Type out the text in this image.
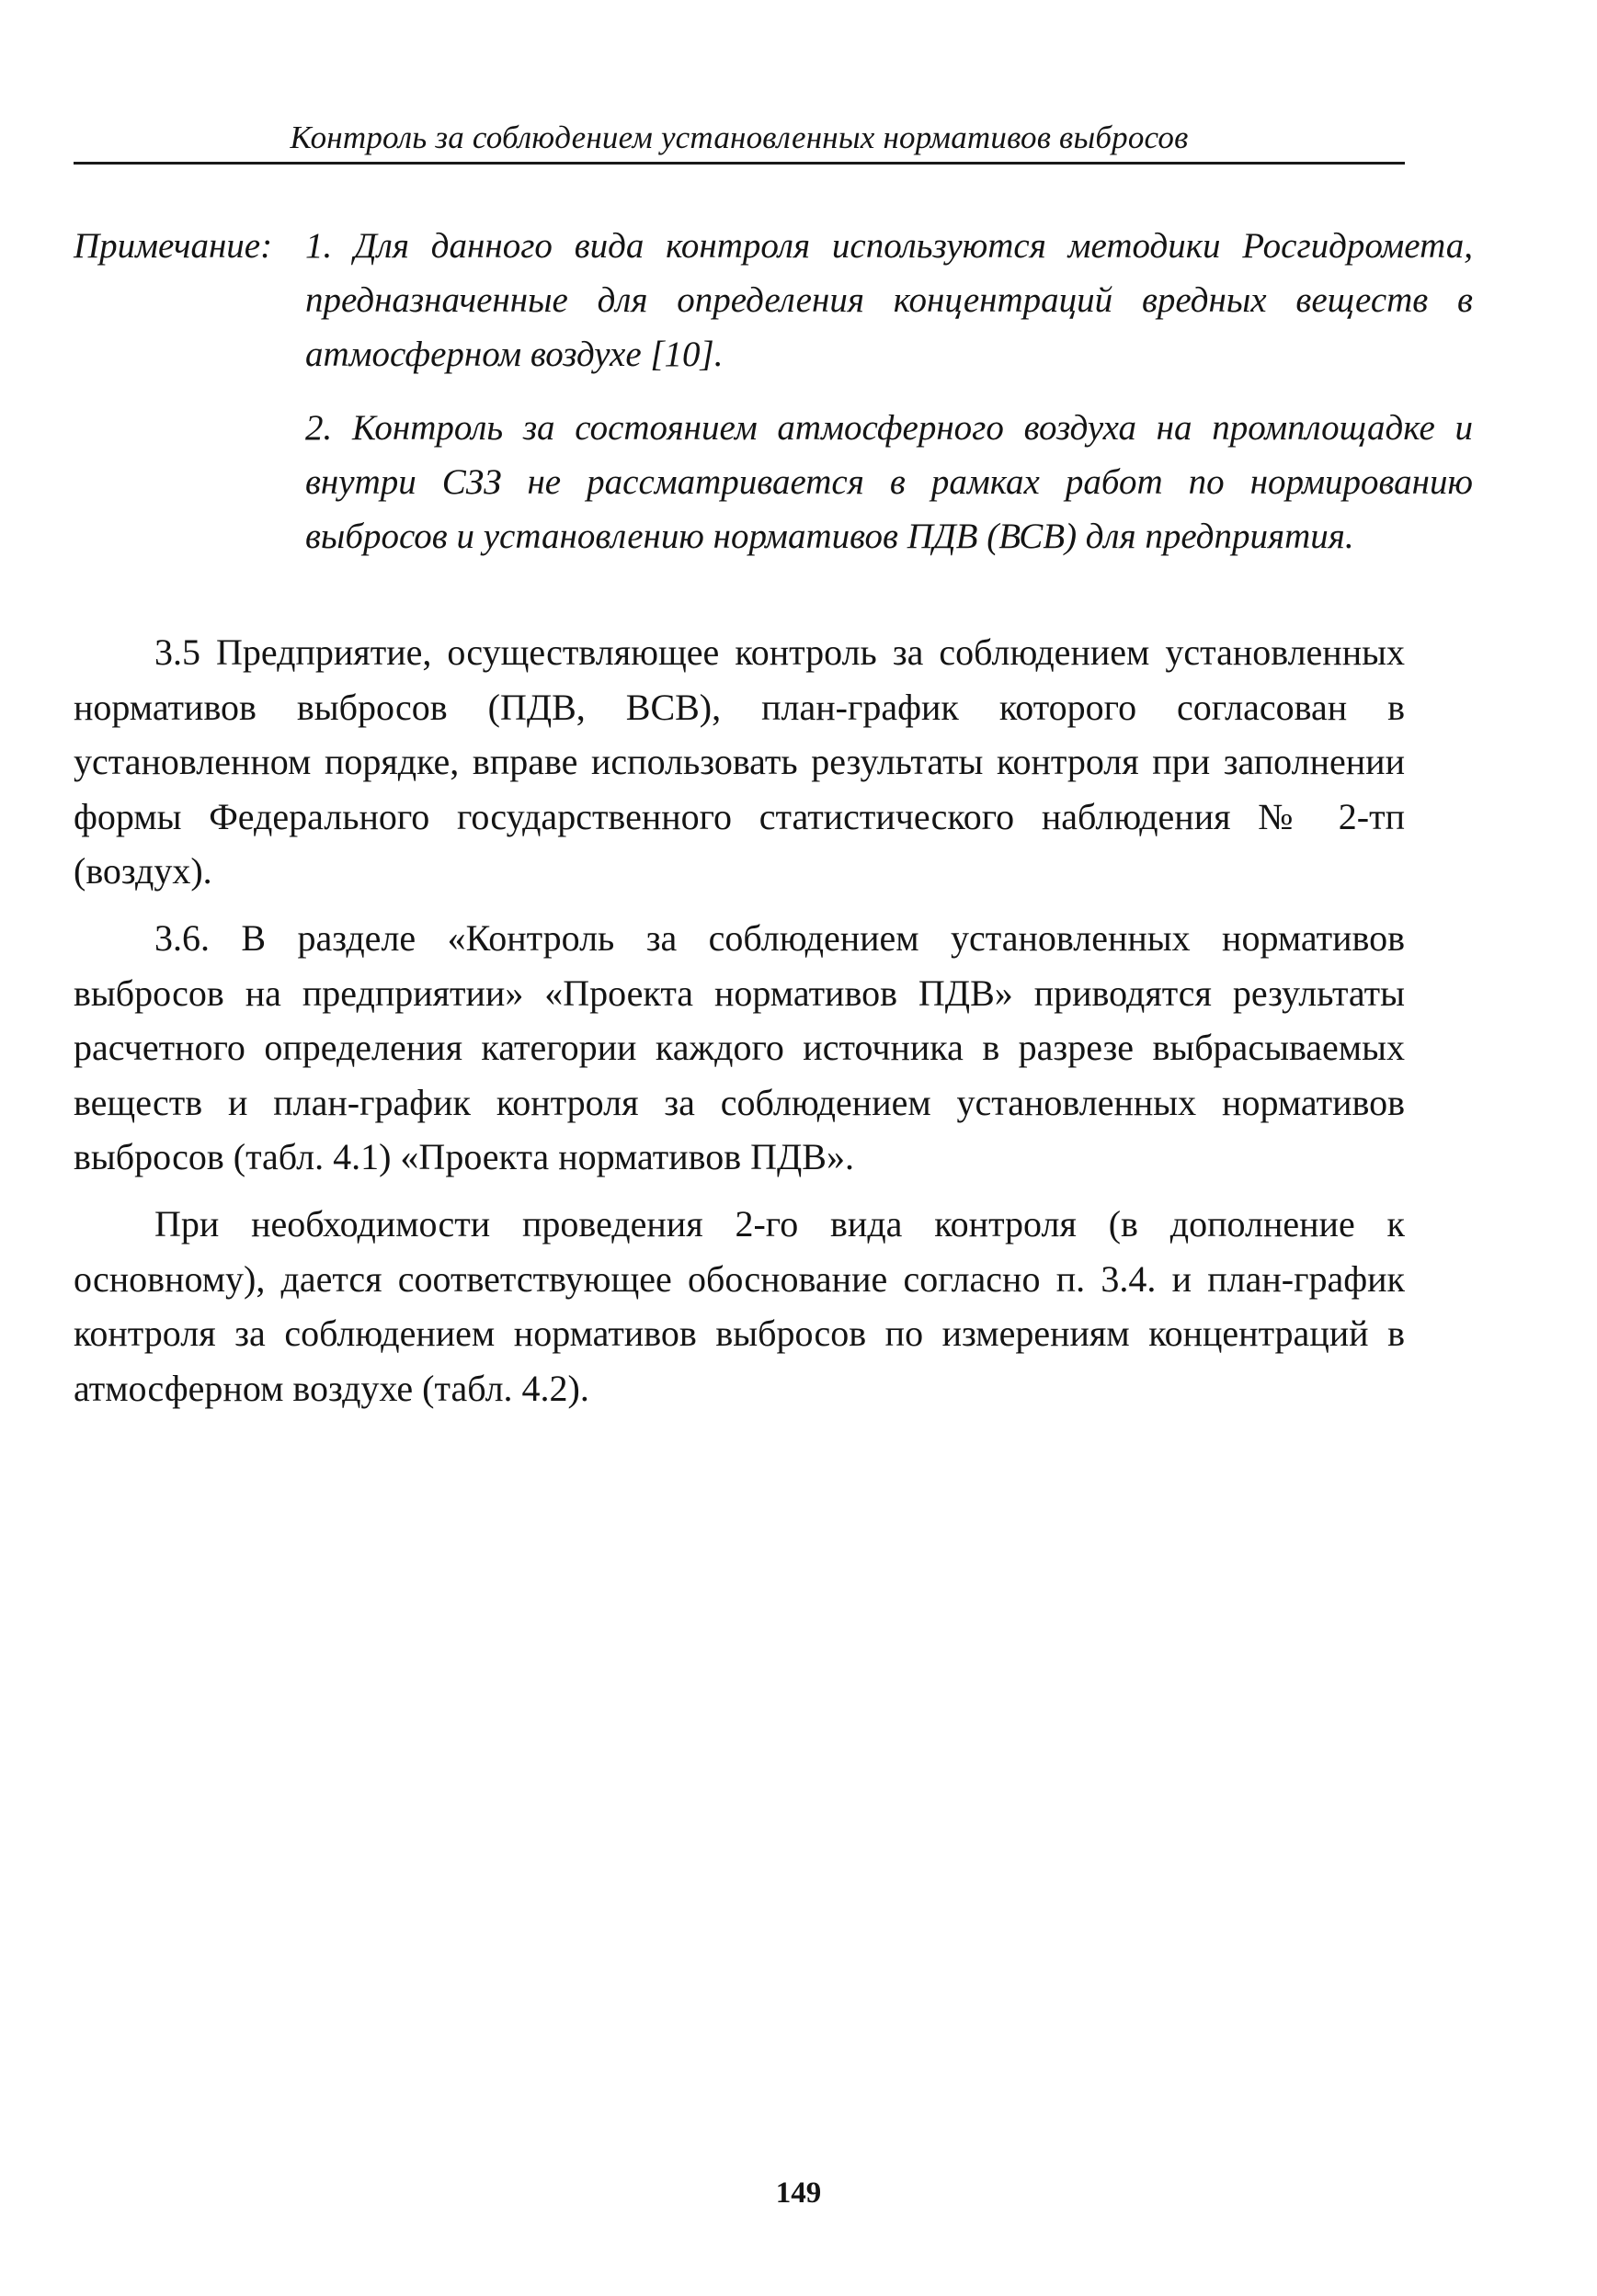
Контроль за соблюдением установленных нормативов выбросов
Примечание: 1. Для данного вида контроля используются методики Росгидромета, предназначенные для определения концентраций вредных веществ в атмосферном воздухе [10].
2. Контроль за состоянием атмосферного воздуха на промплощадке и внутри СЗЗ не рассматривается в рамках работ по нормированию выбросов и установлению нормативов ПДВ (ВСВ) для предприятия.

3.5 Предприятие, осуществляющее контроль за соблюдением установленных нормативов выбросов (ПДВ, ВСВ), план-график которого согласован в установленном порядке, вправе использовать результаты контроля при заполнении формы Федерального государственного статистического наблюдения № 2-тп (воздух).

3.6. В разделе «Контроль за соблюдением установленных нормативов выбросов на предприятии» «Проекта нормативов ПДВ» приводятся результаты расчетного определения категории каждого источника в разрезе выбрасываемых веществ и план-график контроля за соблюдением установленных нормативов выбросов (табл. 4.1) «Проекта нормативов ПДВ».

При необходимости проведения 2-го вида контроля (в дополнение к основному), дается соответствующее обоснование согласно п. 3.4. и план-график контроля за соблюдением нормативов выбросов по измерениям концентраций в атмосферном воздухе (табл. 4.2).

149
